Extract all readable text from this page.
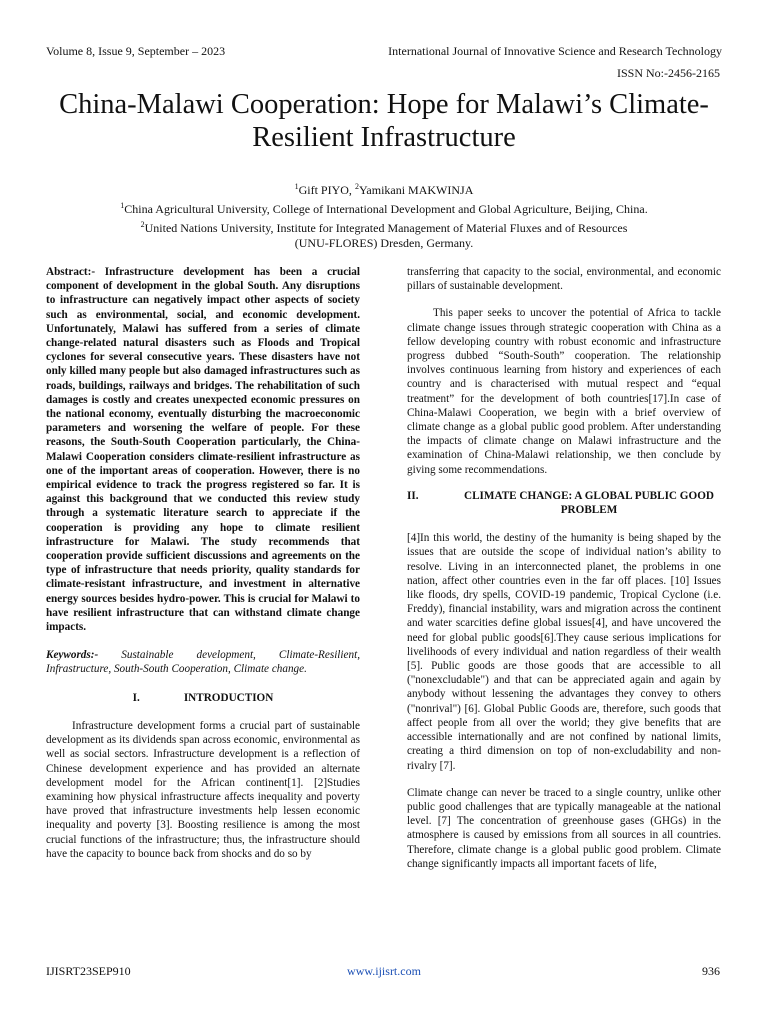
Volume 8, Issue 9, September – 2023	International Journal of Innovative Science and Research Technology
ISSN No:-2456-2165
China-Malawi Cooperation: Hope for Malawi’s Climate-Resilient Infrastructure
$^1$Gift PIYO, $^2$Yamikani MAKWINJA
$^1$China Agricultural University, College of International Development and Global Agriculture, Beijing, China.
$^2$United Nations University, Institute for Integrated Management of Material Fluxes and of Resources
(UNU-FLORES) Dresden, Germany.

Abstract:- Infrastructure development has been a crucial component of development in the global South. Any disruptions to infrastructure can negatively impact other aspects of society such as environmental, social, and economic development. Unfortunately, Malawi has suffered from a series of climate change-related natural disasters such as Floods and Tropical cyclones for several consecutive years. These disasters have not only killed many people but also damaged infrastructures such as roads, buildings, railways and bridges. The rehabilitation of such damages is costly and creates unexpected economic pressures on the national economy, eventually disturbing the macroeconomic parameters and worsening the welfare of people. For these reasons, the South-South Cooperation particularly, the China-Malawi Cooperation considers climate-resilient infrastructure as one of the important areas of cooperation. However, there is no empirical evidence to track the progress registered so far. It is against this background that we conducted this review study through a systematic literature search to appreciate if the cooperation is providing any hope to climate resilient infrastructure for Malawi. The study recommends that cooperation provide sufficient discussions and agreements on the type of infrastructure that needs priority, quality standards for climate-resistant infrastructure, and investment in alternative energy sources besides hydro-power. This is crucial for Malawi to have resilient infrastructure that can withstand climate change impacts.

Keywords:- Sustainable development, Climate-Resilient, Infrastructure, South-South Cooperation, Climate change.

I.	INTRODUCTION

Infrastructure development forms a crucial part of sustainable development as its dividends span across economic, environmental as well as social sectors. Infrastructure development is a reflection of Chinese development experience and has provided an alternate development model for the African continent[1]. [2]Studies examining how physical infrastructure affects inequality and poverty have proved that infrastructure investments help lessen economic inequality and poverty [3]. Boosting resilience is among the most crucial functions of the infrastructure; thus, the infrastructure should have the capacity to bounce back from shocks and do so by

transferring that capacity to the social, environmental, and economic pillars of sustainable development.

This paper seeks to uncover the potential of Africa to tackle climate change issues through strategic cooperation with China as a fellow developing country with robust economic and infrastructure progress dubbed “South-South” cooperation. The relationship involves continuous learning from history and experiences of each country and is characterised with mutual respect and “equal treatment” for the development of both countries[17].In case of China-Malawi Cooperation, we begin with a brief overview of climate change as a global public good problem. After understanding the impacts of climate change on Malawi infrastructure and the examination of China-Malawi relationship, we then conclude by giving some recommendations.

II.	CLIMATE CHANGE: A GLOBAL PUBLIC GOOD PROBLEM

[4]In this world, the destiny of the humanity is being shaped by the issues that are outside the scope of individual nation’s ability to resolve. Living in an interconnected planet, the problems in one nation, affect other countries even in the far off places. [10] Issues like floods, dry spells, COVID-19 pandemic, Tropical Cyclone (i.e. Freddy), financial instability, wars and migration across the continent and water scarcities define global issues[4], and have uncovered the need for global public goods[6].They cause serious implications for livelihoods of every individual and nation regardless of their wealth [5]. Public goods are those goods that are accessible to all ("nonexcludable") and that can be appreciated again and again by anybody without lessening the advantages they convey to others ("nonrival") [6]. Global Public Goods are, therefore, such goods that affect people from all over the world; they give benefits that are accessible internationally and are not confined by national limits, creating a third dimension on top of non-excludability and non-rivalry [7].

Climate change can never be traced to a single country, unlike other public good challenges that are typically manageable at the national level. [7] The concentration of greenhouse gases (GHGs) in the atmosphere is caused by emissions from all sources in all countries. Therefore, climate change is a global public good problem. Climate change significantly impacts all important facets of life,

IJISRT23SEP910	www.ijisrt.com	936
